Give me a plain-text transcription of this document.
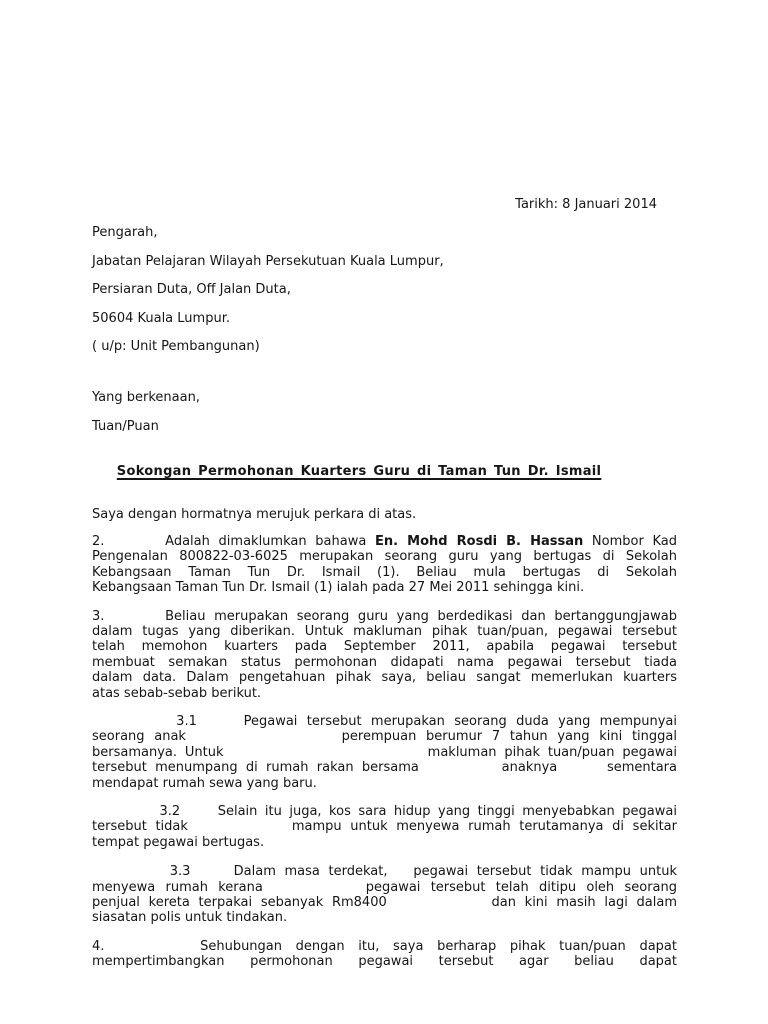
Tarikh: 8 Januari 2014
Pengarah,
Jabatan Pelajaran Wilayah Persekutuan Kuala Lumpur,
Persiaran Duta, Off Jalan Duta,
50604 Kuala Lumpur.
( u/p: Unit Pembangunan)
Yang berkenaan,
Tuan/Puan

Sokongan Permohonan Kuarters Guru di Taman Tun Dr. Ismail

Saya dengan hormatnya merujuk perkara di atas.
2.       Adalah dimaklumkan bahawa En. Mohd Rosdi B. Hassan Nombor Kad
Pengenalan 800822-03-6025 merupakan seorang guru yang bertugas di Sekolah
Kebangsaan Taman Tun Dr. Ismail (1). Beliau mula bertugas di Sekolah
Kebangsaan Taman Tun Dr. Ismail (1) ialah pada 27 Mei 2011 sehingga kini.
3.       Beliau merupakan seorang guru yang berdedikasi dan bertanggungjawab
dalam tugas yang diberikan. Untuk makluman pihak tuan/puan, pegawai tersebut
telah memohon kuarters pada September 2011, apabila pegawai tersebut
membuat semakan status permohonan didapati nama pegawai tersebut tiada
dalam data. Dalam pengetahuan pihak saya, beliau sangat memerlukan kuarters
atas sebab-sebab berikut.
3.1     Pegawai tersebut merupakan seorang duda yang mempunyai
seorang anak                perempuan berumur 7 tahun yang kini tinggal
bersamanya. Untuk                          makluman pihak tuan/puan pegawai
tersebut menumpang di rumah rakan bersama          anaknya      sementara
mendapat rumah sewa yang baru.
3.2     Selain itu juga, kos sara hidup yang tinggi menyebabkan pegawai
tersebut tidak            mampu untuk menyewa rumah terutamanya di sekitar
tempat pegawai bertugas.
3.3     Dalam masa terdekat,   pegawai tersebut tidak mampu untuk
menyewa rumah kerana          pegawai tersebut telah ditipu oleh seorang
penjual kereta terpakai sebanyak Rm8400            dan kini masih lagi dalam
siasatan polis untuk tindakan.
4.       Sehubungan dengan itu, saya berharap pihak tuan/puan dapat
mempertimbangkan permohonan pegawai tersebut agar beliau dapat
